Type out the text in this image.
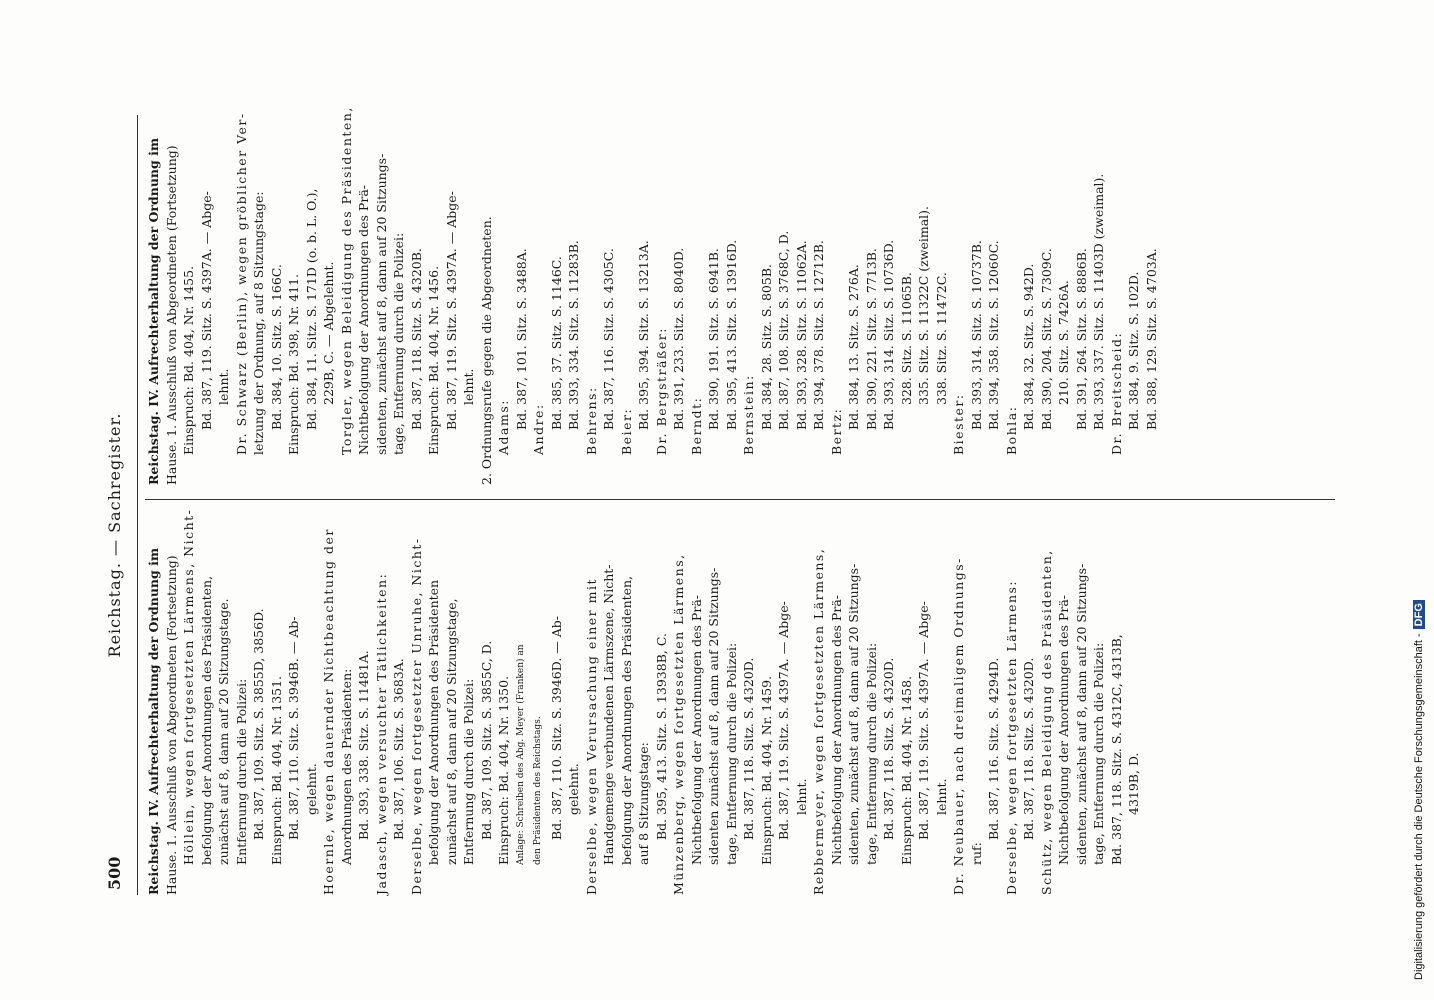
500
Reichstag. — Sachregister.
Reichstag. IV. Aufrechterhaltung der Ordnung im Hause. 1. Ausschluß von Abgeordneten (Fortsetzung) Höllein, wegen fortgesetzten Lärmens, Nicht- befolgung der Anordnungen des Präsidenten, zunächst auf 8, dann auf 20 Sitzungstage. Entfernung durch die Polizei: Bd. 387, 109. Sitz. S. 3855D, 3856D. Einspruch: Bd. 404, Nr. 1351. Bd. 387, 110. Sitz. S. 3946B. — Ab- gelehnt. Hoernle, wegen dauernder Nichtbeachtung der Anordnungen des Präsidenten: Bd. 393, 338. Sitz. S. 11481A. Jadasch, wegen versuchter Tätlichkeiten: Bd. 387, 106. Sitz. S. 3683A. Derselbe, wegen fortgesetzter Unruhe, Nicht- befolgung der Anordnungen des Präsidenten zunächst auf 8, dann auf 20 Sitzungstage, Entfernung durch die Polizei: Bd. 387, 109. Sitz. S. 3855C, D. Einspruch: Bd. 404, Nr. 1350. Anlage: Schreiben des Abg. Meyer (Franken) an den Präsidenten des Reichstags. Bd. 387, 110. Sitz. S. 3946D. — Ab- gelehnt. Derselbe, wegen Verursachung einer mit Handgemenge verbundenen Lärmszene, Nicht- befolgung der Anordnungen des Präsidenten, auf 8 Sitzungstage: Bd. 395, 413. Sitz. S. 13938B, C. Münzenberg, wegen fortgesetzten Lärmens, Nichtbefolgung der Anordnungen des Prä- sidenten zunächst auf 8, dann auf 20 Sitzungs- tage, Entfernung durch die Polizei: Bd. 387, 118. Sitz. S. 4320D. Einspruch: Bd. 404, Nr. 1459. Bd. 387, 119. Sitz. S. 4397A. — Abge- lehnt. Rebbermeyer, wegen fortgesetzten Lärmens, Nichtbefolgung der Anordnungen des Prä- sidenten, zunächst auf 8, dann auf 20 Sitzungs- tage, Entfernung durch die Polizei: Bd. 387, 118. Sitz. S. 4320D. Einspruch: Bd. 404, Nr. 1458. Bd. 387, 119. Sitz. S. 4397A. — Abge- lehnt. Dr. Neubauer, nach dreimaligem Ordnungs- ruf:
Bd. 387, 116. Sitz. S. 4294D. Derselbe, wegen fortgesetzten Lärmens: Bd. 387, 118. Sitz. S. 4320D. Schütz, wegen Beleidigung des Präsidenten, Nichtbefolgung der Anordnungen des Prä- sidenten, zunächst auf 8, dann auf 20 Sitzungs- tage, Entfernung durch die Polizei: Bd. 387, 118. Sitz. S. 4312C, 4313B, 4319B, D.
Reichstag. IV. Aufrechterhaltung der Ordnung im Hause. 1. Ausschluß von Abgeordneten (Fortsetzung) Einspruch: Bd. 404, Nr. 1455. Bd. 387, 119. Sitz. S. 4397A. — Abge- lehnt. Dr. Schwarz (Berlin), wegen gröblicher Ver- letzung der Ordnung, auf 8 Sitzungstage: Bd. 384, 10. Sitz. S. 166C. Einspruch: Bd. 398, Nr. 411. Bd. 384, 11. Sitz. S. 171D (o. b. L. O.), 229B, C. — Abgelehnt. Torgler, wegen Beleidigung des Präsidenten, Nichtbefolgung der Anordnungen des Prä- sidenten, zunächst auf 8, dann auf 20 Sitzungs- tage, Entfernung durch die Polizei: Bd. 387, 118. Sitz. S. 4320B. Einspruch: Bd. 404, Nr. 1456. Bd. 387, 119. Sitz. S. 4397A. — Abge- lehnt. 2. Ordnungsrufe gegen die Abgeordneten. Adams: Bd. 387, 101. Sitz. S. 3488A. Andre: Bd. 385, 37. Sitz. S. 1146C. Bd. 393, 334. Sitz. S. 11283B. Behrens: Bd. 387, 116. Sitz. S. 4305C.
Beier:
Bd. 395, 394. Sitz. S. 13213A. Dr. Bergsträßer: Bd. 391, 233. Sitz. S. 8040D. Berndt: Bd. 390, 191. Sitz. S. 6941B. Bd. 395, 413. Sitz. S. 13916D. Bernstein: Bd. 384, 28. Sitz. S. 805B. Bd. 387, 108. Sitz. S. 3768C, D. Bd. 393, 328. Sitz. S. 11062A. Bd. 394, 378. Sitz. S. 12712B.
Bertz:
Bd. 384, 13. Sitz. S. 276A. Bd. 390, 221. Sitz. S. 7713B. Bd. 393, 314. Sitz. S. 10736D. 328. Sitz. S. 11065B. 335. Sitz. S. 11322C (zweimal). 338. Sitz. S. 11472C.
Biester: Bd. 393, 314. Sitz. S. 10737B. Bd. 394, 358. Sitz. S. 12060C.
Bohla:
Bd. 384, 32. Sitz. S. 942D. Bd. 390, 204. Sitz. S. 7309C. 210. Sitz. S. 7426A. Bd. 391, 264. Sitz. S. 8886B. Bd. 393, 337. Sitz. S. 11403D (zweimal). Dr. Breitscheid: Bd. 384, 9. Sitz. S. 102D. Bd. 388, 129. Sitz. S. 4703A.
Digitalisierung gefördert durch die Deutsche Forschungsgemeinschaft -DFG
